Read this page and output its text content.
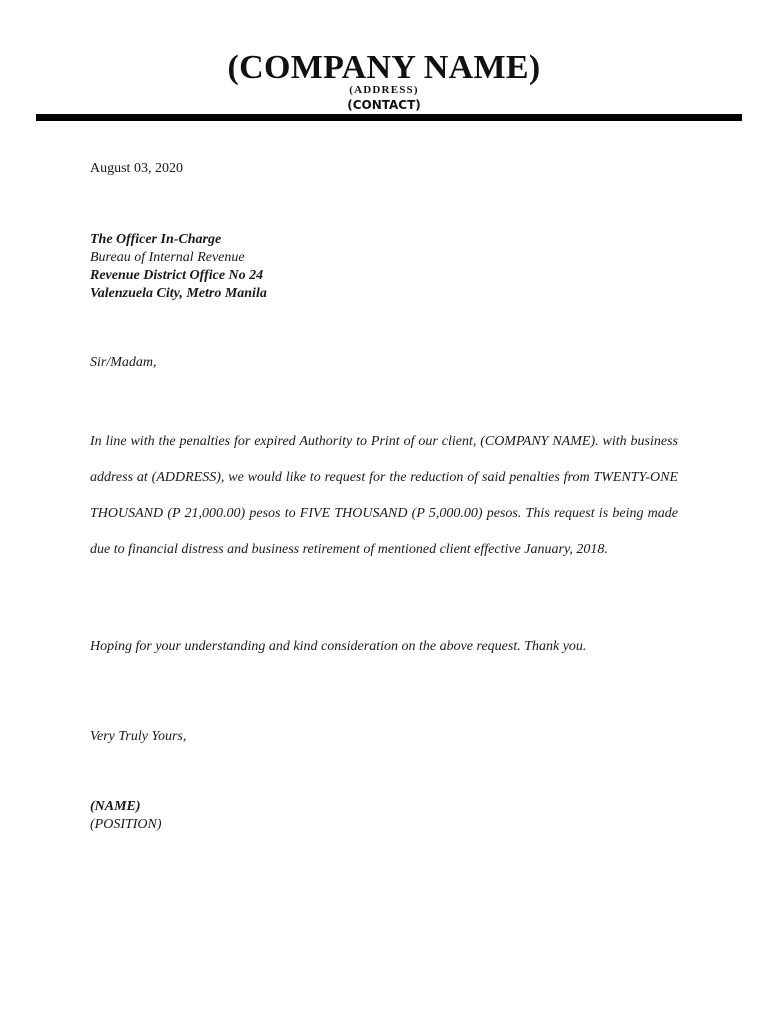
(COMPANY NAME)
(ADDRESS)
(CONTACT)
August 03, 2020
The Officer In-Charge
Bureau of Internal Revenue
Revenue District Office No 24
Valenzuela City, Metro Manila
Sir/Madam,
In line with the penalties for expired Authority to Print of our client, (COMPANY NAME). with business address at (ADDRESS), we would like to request for the reduction of said penalties from TWENTY-ONE THOUSAND (P 21,000.00) pesos to FIVE THOUSAND (P 5,000.00) pesos. This request is being made due to financial distress and business retirement of mentioned client effective January, 2018.
Hoping for your understanding and kind consideration on the above request. Thank you.
Very Truly Yours,
(NAME)
(POSITION)
